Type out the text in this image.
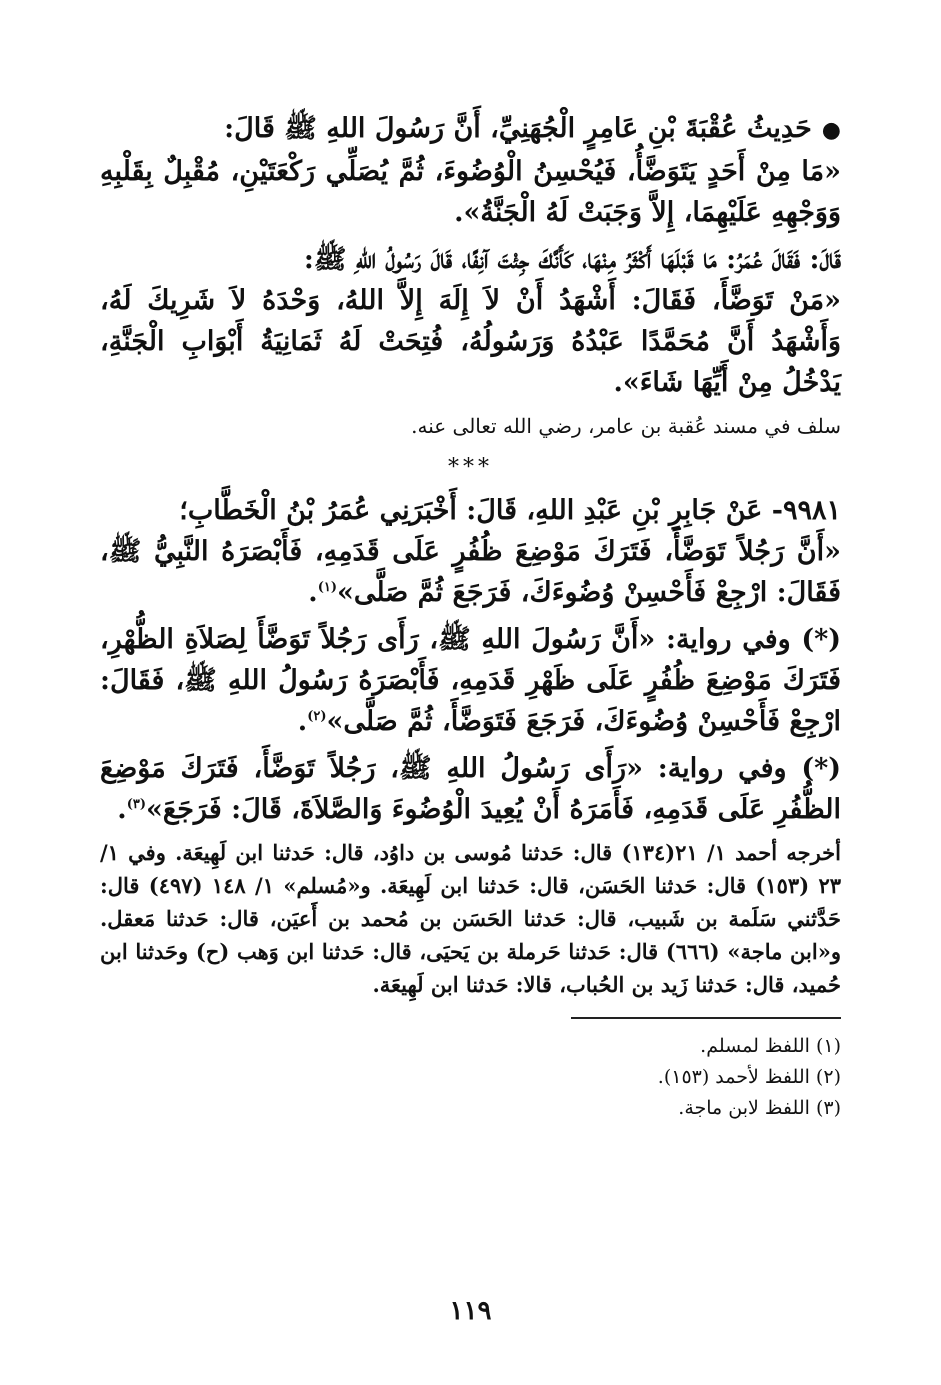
●حَدِيثُ عُقْبَةَ بْنِ عَامِرٍ الْجُهَنِيِّ، أَنَّ رَسُولَ اللهِ ﷺ قَالَ:

«مَا مِنْ أَحَدٍ يَتَوَضَّأُ، فَيُحْسِنُ الْوُضُوءَ، ثُمَّ يُصَلِّي رَكْعَتَيْنِ، مُقْبِلٌ بِقَلْبِهِ وَوَجْهِهِ عَلَيْهِمَا، إِلاَّ وَجَبَتْ لَهُ الْجَنَّةُ».

قَالَ: فَقَالَ عُمَرُ: مَا قَبْلَهَا أَكْثَرُ مِنْهَا، كَأَنَّكَ جِئْتَ آنِفًا، قَالَ رَسُولُ اللهِ ﷺ:

«مَنْ تَوَضَّأَ، فَقَالَ: أَشْهَدُ أَنْ لاَ إِلَهَ إِلاَّ اللهُ، وَحْدَهُ لاَ شَرِيكَ لَهُ، وَأَشْهَدُ أَنَّ مُحَمَّدًا عَبْدُهُ وَرَسُولُهُ، فُتِحَتْ لَهُ ثَمَانِيَةُ أَبْوَابِ الْجَنَّةِ، يَدْخُلُ مِنْ أَيِّهَا شَاءَ».

سلف في مسند عُقبة بن عامر، رضي الله تعالى عنه.

***

٩٩٨١- عَنْ جَابِرِ بْنِ عَبْدِ اللهِ، قَالَ: أَخْبَرَنِي عُمَرُ بْنُ الْخَطَّابِ؛

«أَنَّ رَجُلاً تَوَضَّأَ، فَتَرَكَ مَوْضِعَ ظُفُرٍ عَلَى قَدَمِهِ، فَأَبْصَرَهُ النَّبِيُّ ﷺ، فَقَالَ: ارْجِعْ فَأَحْسِنْ وُضُوءَكَ، فَرَجَعَ ثُمَّ صَلَّى»$^{(١)}$.

(*) وفي رواية: «أَنَّ رَسُولَ اللهِ ﷺ، رَأَى رَجُلاً تَوَضَّأَ لِصَلاَةِ الظُّهْرِ، فَتَرَكَ مَوْضِعَ ظُفُرٍ عَلَى ظَهْرِ قَدَمِهِ، فَأَبْصَرَهُ رَسُولُ اللهِ ﷺ، فَقَالَ: ارْجِعْ فَأَحْسِنْ وُضُوءَكَ، فَرَجَعَ فَتَوَضَّأَ، ثُمَّ صَلَّى»$^{(٢)}$.

(*) وفي رواية: «رَأَى رَسُولُ اللهِ ﷺ، رَجُلاً تَوَضَّأَ، فَتَرَكَ مَوْضِعَ الظُّفُرِ عَلَى قَدَمِهِ، فَأَمَرَهُ أَنْ يُعِيدَ الْوُضُوءَ وَالصَّلاَةَ، قَالَ: فَرَجَعَ»$^{(٣)}$.

أخرجه أحمد ١/ ٢١(١٣٤) قال: حَدثنا مُوسى بن داوُد، قال: حَدثنا ابن لَهِيعَة. وفي ١/ ٢٣ (١٥٣) قال: حَدثنا الحَسَن، قال: حَدثنا ابن لَهِيعَة. و«مُسلم» ١/ ١٤٨ (٤٩٧) قال: حَدَّثني سَلَمة بن شَبيب، قال: حَدثنا الحَسَن بن مُحمد بن أَعيَن، قال: حَدثنا مَعقل. و«ابن ماجة» (٦٦٦) قال: حَدثنا حَرملة بن يَحيَى، قال: حَدثنا ابن وَهب (ح) وحَدثنا ابن حُميد، قال: حَدثنا زَيد بن الحُباب، قالا: حَدثنا ابن لَهِيعَة.

(١) اللفظ لمسلم.

(٢) اللفظ لأحمد (١٥٣).

(٣) اللفظ لابن ماجة.

١١٩
